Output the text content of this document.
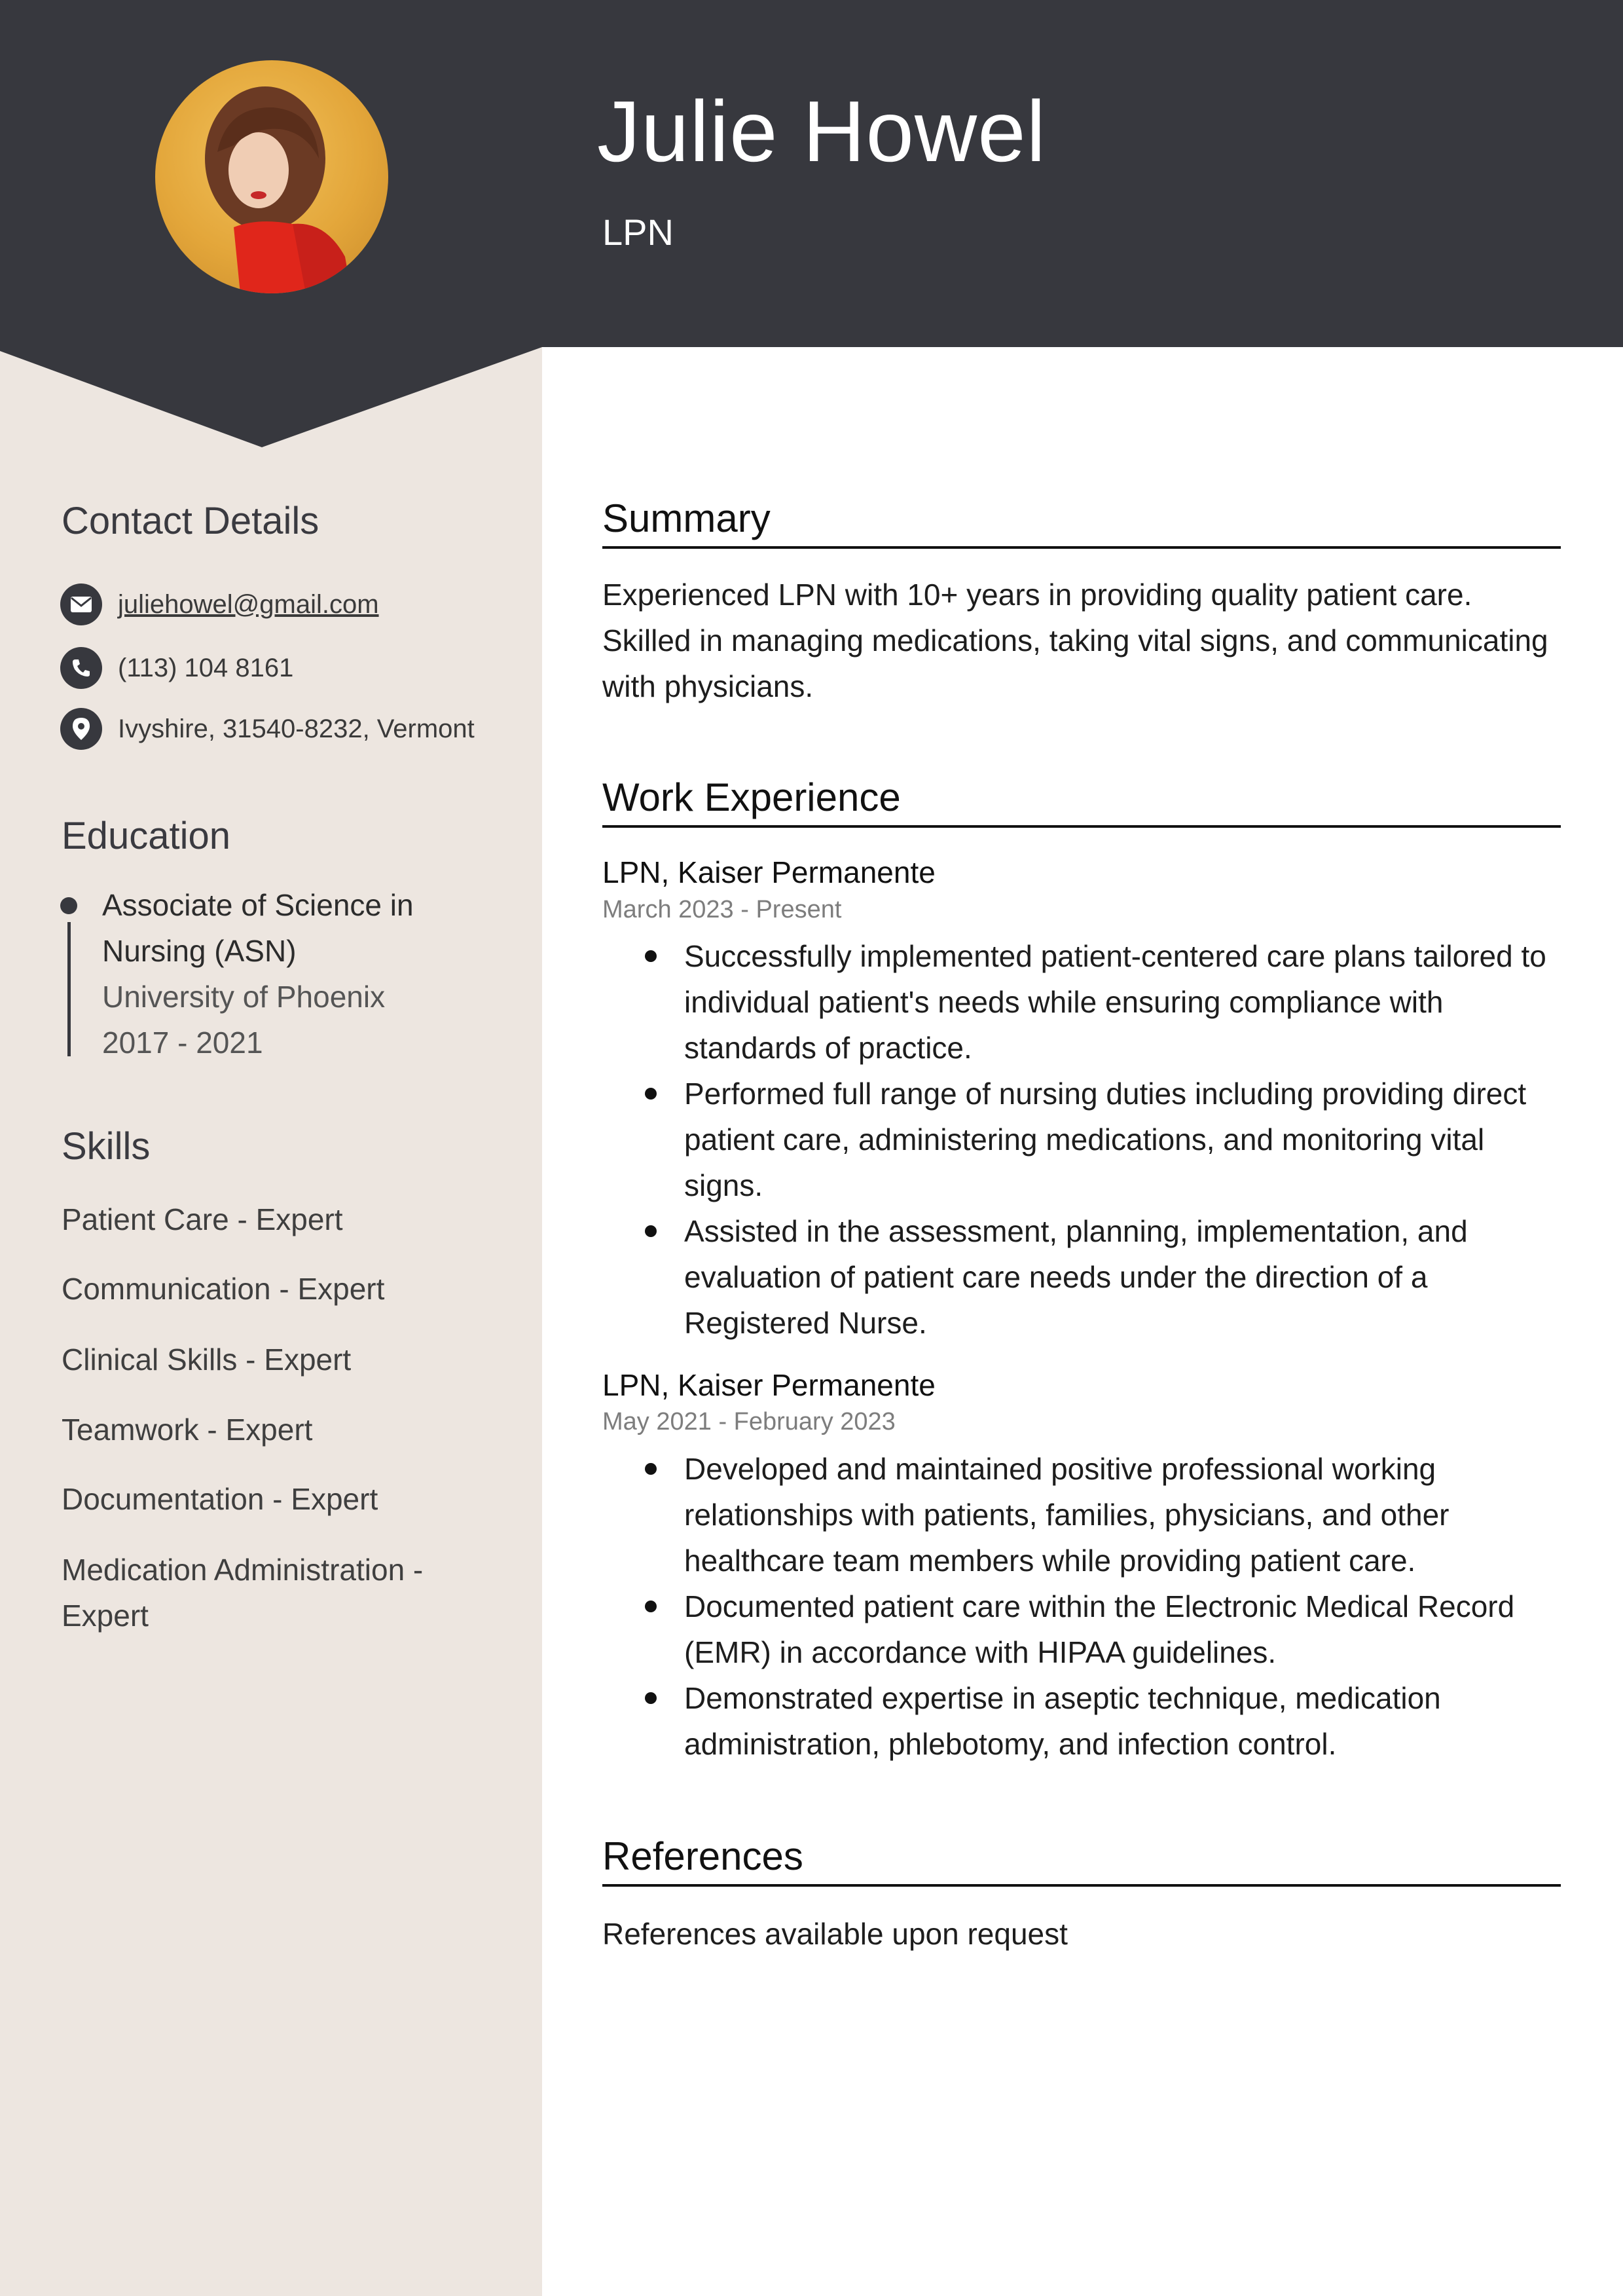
Julie Howel
LPN
Contact Details
juliehowel@gmail.com
(113) 104 8161
Ivyshire, 31540-8232, Vermont
Education
Associate of Science in
Nursing (ASN)
University of Phoenix
2017 - 2021
Skills
Patient Care - Expert
Communication - Expert
Clinical Skills - Expert
Teamwork - Expert
Documentation - Expert
Medication Administration -
Expert
Summary
Experienced LPN with 10+ years in providing quality patient care. Skilled in managing medications, taking vital signs, and communicating with physicians.
Work Experience
LPN, Kaiser Permanente
March 2023 - Present
Successfully implemented patient-centered care plans tailored to individual patient's needs while ensuring compliance with standards of practice.
Performed full range of nursing duties including providing direct patient care, administering medications, and monitoring vital signs.
Assisted in the assessment, planning, implementation, and evaluation of patient care needs under the direction of a Registered Nurse.
LPN, Kaiser Permanente
May 2021 - February 2023
Developed and maintained positive professional working relationships with patients, families, physicians, and other healthcare team members while providing patient care.
Documented patient care within the Electronic Medical Record (EMR) in accordance with HIPAA guidelines.
Demonstrated expertise in aseptic technique, medication administration, phlebotomy, and infection control.
References
References available upon request
